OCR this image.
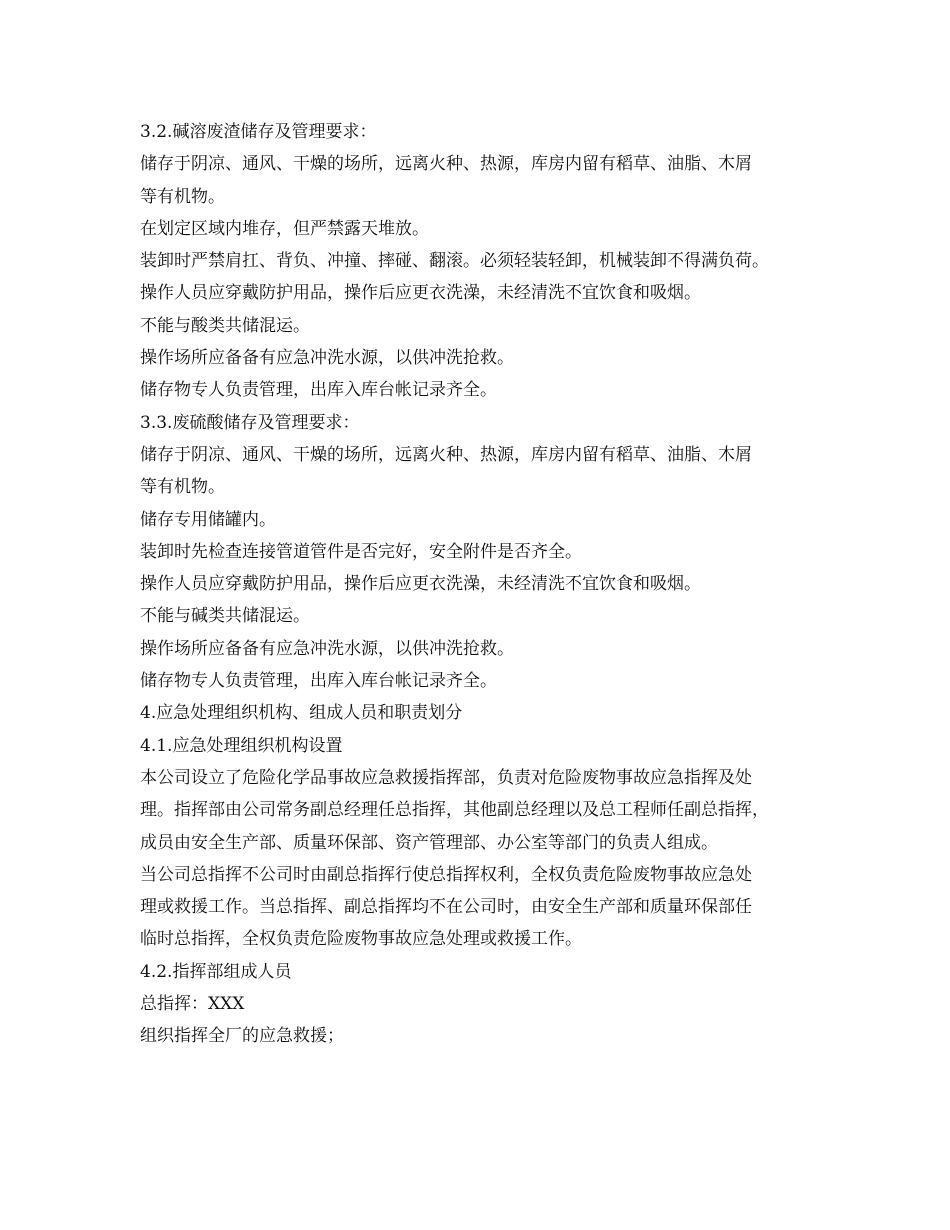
3.2.碱溶废渣储存及管理要求：

储存于阴凉、通风、干燥的场所，远离火种、热源，库房内留有稻草、油脂、木屑

等有机物。

在划定区域内堆存，但严禁露天堆放。

装卸时严禁肩扛、背负、冲撞、摔碰、翻滚。必须轻装轻卸，机械装卸不得满负荷。

操作人员应穿戴防护用品，操作后应更衣洗澡，未经清洗不宜饮食和吸烟。

不能与酸类共储混运。

操作场所应备备有应急冲洗水源，以供冲洗抢救。

储存物专人负责管理，出库入库台帐记录齐全。

3.3.废硫酸储存及管理要求：

储存于阴凉、通风、干燥的场所，远离火种、热源，库房内留有稻草、油脂、木屑

等有机物。

储存专用储罐内。

装卸时先检查连接管道管件是否完好，安全附件是否齐全。

操作人员应穿戴防护用品，操作后应更衣洗澡，未经清洗不宜饮食和吸烟。

不能与碱类共储混运。

操作场所应备备有应急冲洗水源，以供冲洗抢救。

储存物专人负责管理，出库入库台帐记录齐全。

4.应急处理组织机构、组成人员和职责划分

4.1.应急处理组织机构设置

本公司设立了危险化学品事故应急救援指挥部，负责对危险废物事故应急指挥及处

理。指挥部由公司常务副总经理任总指挥，其他副总经理以及总工程师任副总指挥，

成员由安全生产部、质量环保部、资产管理部、办公室等部门的负责人组成。

当公司总指挥不公司时由副总指挥行使总指挥权利，全权负责危险废物事故应急处

理或救援工作。当总指挥、副总指挥均不在公司时，由安全生产部和质量环保部任

临时总指挥，全权负责危险废物事故应急处理或救援工作。

4.2.指挥部组成人员

总指挥：XXX

组织指挥全厂的应急救援；
